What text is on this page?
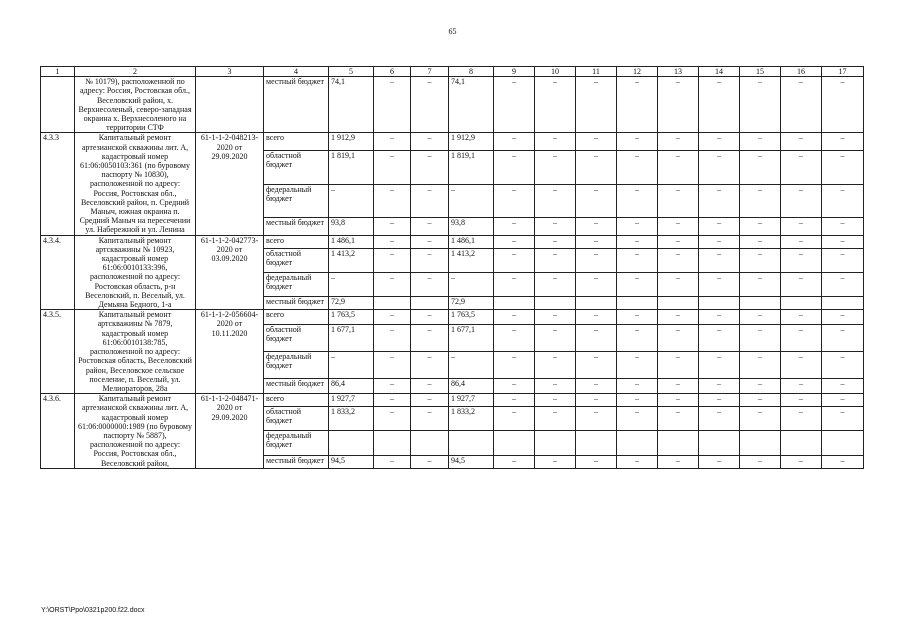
65
1	2	3	4	5	6	7	8	9	10	11	12	13	14	15	16	17
	№ 10179), расположенной по адресу: Россия, Ростовская обл., Веселовский район, х. Верхнесоленый, северо-западная окраина х. Верхнесоленого на территории СТФ		местный бюджет	74,1	–	–	74,1	–	–	–	–	–	–	–	–	–
4.3.3	Капитальный ремонт артезианской скважины лит. А, кадастровый номер 61:06:0050103:361 (по буровому паспорту № 10830), расположенной по адресу: Россия, Ростовская обл., Веселовский район, п. Средний Маныч, южная окраина п. Средний Маныч на пересечении ул. Набережной и ул. Ленина	61-1-1-2-048213-2020 от 29.09.2020	всего	1 912,9	–	–	1 912,9	–	–	–	–	–	–	–	–	–
			областной бюджет	1 819,1	–	–	1 819,1	–	–	–	–	–	–	–	–	–
			федеральный бюджет	–	–	–	–	–	–	–	–	–	–	–	–	–
			местный бюджет	93,8	–	–	93,8	–	–	–	–	–	–	–	–	–
4.3.4.	Капитальный ремонт артскважины № 10923, кадастровый номер 61:06:0010133:396, расположенной по адресу: Ростовская область, р-н Веселовский, п. Веселый, ул. Демьяна Бедного, 1-а	61-1-1-2-042773-2020 от 03.09.2020	всего	1 486,1	–	–	1 486,1	–	–	–	–	–	–	–	–	–
			областной бюджет	1 413,2	–	–	1 413,2	–	–	–	–	–	–	–	–	–
			федеральный бюджет	–	–	–	–	–	–	–	–	–	–	–	–	–
			местный бюджет	72,9			72,9									
4.3.5.	Капитальный ремонт артскважины № 7879, кадастровый номер 61:06:0010138:785, расположенной по адресу: Ростовская область, Веселовский район, Веселовское сельское поселение, п. Веселый, ул. Мелиораторов, 28а	61-1-1-2-056604-2020 от 10.11.2020	всего	1 763,5	–	–	1 763,5	–	–	–	–	–	–	–	–	–
			областной бюджет	1 677,1	–	–	1 677,1	–	–	–	–	–	–	–	–	–
			федеральный бюджет	–	–	–	–	–	–	–	–	–	–	–	–	–
			местный бюджет	86,4	–	–	86,4	–	–	–	–	–	–	–	–	–
4.3.6.	Капитальный ремонт артезианской скважины лит. А, кадастровый номер 61:06:0000000:1989 (по буровому паспорту № 5887), расположенной по адресу: Россия, Ростовская обл., Веселовский район,	61-1-1-2-048471-2020 от 29.09.2020	всего	1 927,7	–	–	1 927,7	–	–	–	–	–	–	–	–	–
			областной бюджет	1 833,2	–	–	1 833,2	–	–	–	–	–	–	–	–	–
			федеральный бюджет													
			местный бюджет	94,5	–	–	94,5	–	–	–	–	–	–	–	–	–
Y:\ORST\Ppo\0321p200.f22.docx
